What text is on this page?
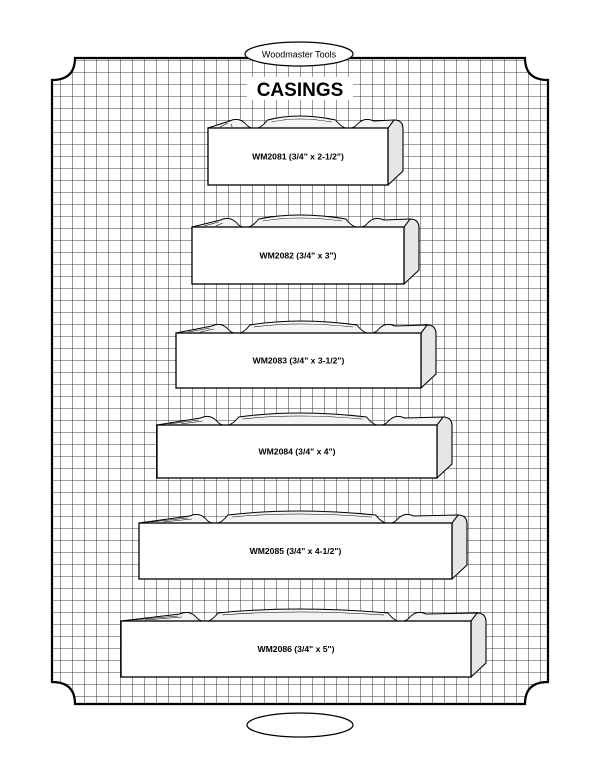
Woodmaster Tools
CASINGS
WM2081 (3/4" x 2-1/2")
WM2082 (3/4" x 3")
WM2083 (3/4" x 3-1/2")
WM2084 (3/4" x 4")
WM2085 (3/4" x 4-1/2")
WM2086 (3/4" x 5")
